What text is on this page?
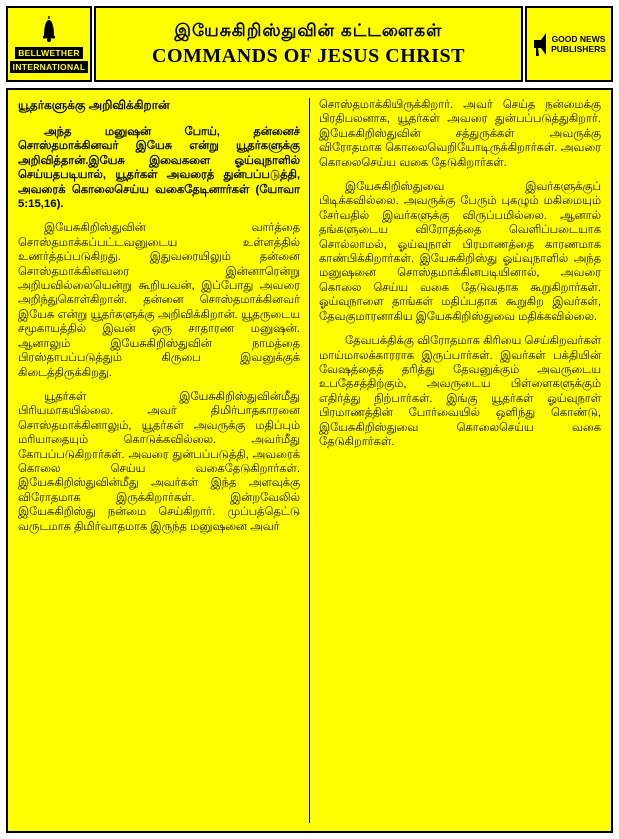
BELLWETHER
INTERNATIONAL
இயேசுகிறிஸ்துவின் கட்டளைகள்
COMMANDS OF JESUS CHRIST
GOOD NEWS
PUBLISHERS
யூதர்களுக்கு அறிவிக்கிறான்

அந்த மனுஷன் போய், தன்னைச் சொஸ்தமாக்கினவர் இயேசு என்று யூதர்களுக்கு அறிவித்தான்.இயேசு இவைகளை ஓய்வுநாளில் செய்யதபடியால், யூதர்கள் அவரைத் துன்பப்படுத்தி, அவரைக் கொலைசெய்ய வகைதேடினார்கள் (யோவா 5:15,16).

இயேசுகிறிஸ்துவின் வார்த்தை சொஸ்தமாக்கப்பட்டவனுடைய உள்ளத்தில் உணர்த்தப்படுகிறது. இதுவரையிலும் தன்னை சொஸ்தமாக்கினவரை இன்னாரென்று அறியவில்லையென்று கூறியவன், இப்போது அவரை அறிந்துகொள்கிறான். தன்னை சொஸ்தமாக்கினவர் இயேசு என்று யூதர்களுக்கு அறிவிக்கிறான். யூதருடைய சமூகாயத்தில் இவன் ஒரு சாதாரண மனுஷன். ஆனாலும் இயேசுகிறிஸ்துவின் நாமத்தை பிரஸ்தாபப்படுத்தும் கிருபை இவனுக்குக் கிடைத்திருக்கிறது.

யூதர்கள் இயேசுகிறிஸ்துவின்மீது பிரியமாகயில்லை. அவர் திமிர்பாதகாரனை சொஸ்தமாக்கினாலும், யூதர்கள் அவருக்கு மதிப்பும் மரியாதையும் கொடுக்கவில்லை. அவர்மீது கோபப்படுகிறார்கள். அவரை துன்பப்படுத்தி, அவரைக் கொலை செய்ய வகைதேடுகிறார்கள். இயேசுகிறிஸ்துவின்மீது அவர்கள் இந்த அளவுக்கு விரோதமாக இருக்கிறார்கள். இன்றவேலில் இயேசுகிறிஸ்து நன்மை செய்கிறார். முப்பத்தெட்டு வருடமாக திமிர்வாதமாக இருந்த மனுஷனை அவர்

சொஸ்தமாக்கியிருக்கிறார். அவர் செய்த நன்மைக்கு பிரதிபலனாக, யூதர்கள் அவரை துன்பப்படுத்துகிறார். இயேசுகிறிஸ்துவின் சத்துருக்கள் அவருக்கு விரோதமாக கொலைவெறியோடிருக்கிறார்கள். அவரை கொலைசெய்ய வகை தேடுகிறார்கள்.

இயேசுகிறிஸ்துவை இவர்களுக்குப் பிடிக்கவில்லை. அவருக்கு பேரும் புகழும் மகிமையும் சேர்வதில் இவர்களுக்கு விருப்பமில்லை. ஆனால் தங்களுடைய விரோதத்தை வெளிப்படையாக சொல்லாமல், ஓய்வுநாள் பிரமாணத்தை காரணமாக காண்பிக்கிறார்கள். இயேசுகிறிஸ்து ஓய்வுநாளில் அந்த மனுஷனை சொஸ்தமாக்கினபடியினால், அவரை கொலை செய்ய வகை தேடுவதாக கூறுகிறார்கள். ஓய்வுநாளை தாங்கள் மதிப்பதாக கூறுகிற இவர்கள், தேவகுமாரனாகிய இயேசுகிறிஸ்துவை மதிக்கவில்லை.

தேவபக்திக்கு விரோதமாக கிரியை செய்கிறவர்கள் மாய்மாலக்காரராக இருப்பார்கள். இவர்கள் பக்தியின் வேஷத்தைத் தரித்து தேவனுக்கும் அவருடைய உபதேசத்திற்கும், அவருடைய பிள்ளைகளுக்கும் எதிர்த்து நிற்பார்கள். இங்கு யூதர்கள் ஓய்வுநாள் பிரமாணத்தின் போர்வையில் ஒளிந்து கொண்டு, இயேசுகிறிஸ்துவை கொலைசெய்ய வகை தேடுகிறார்கள்.
